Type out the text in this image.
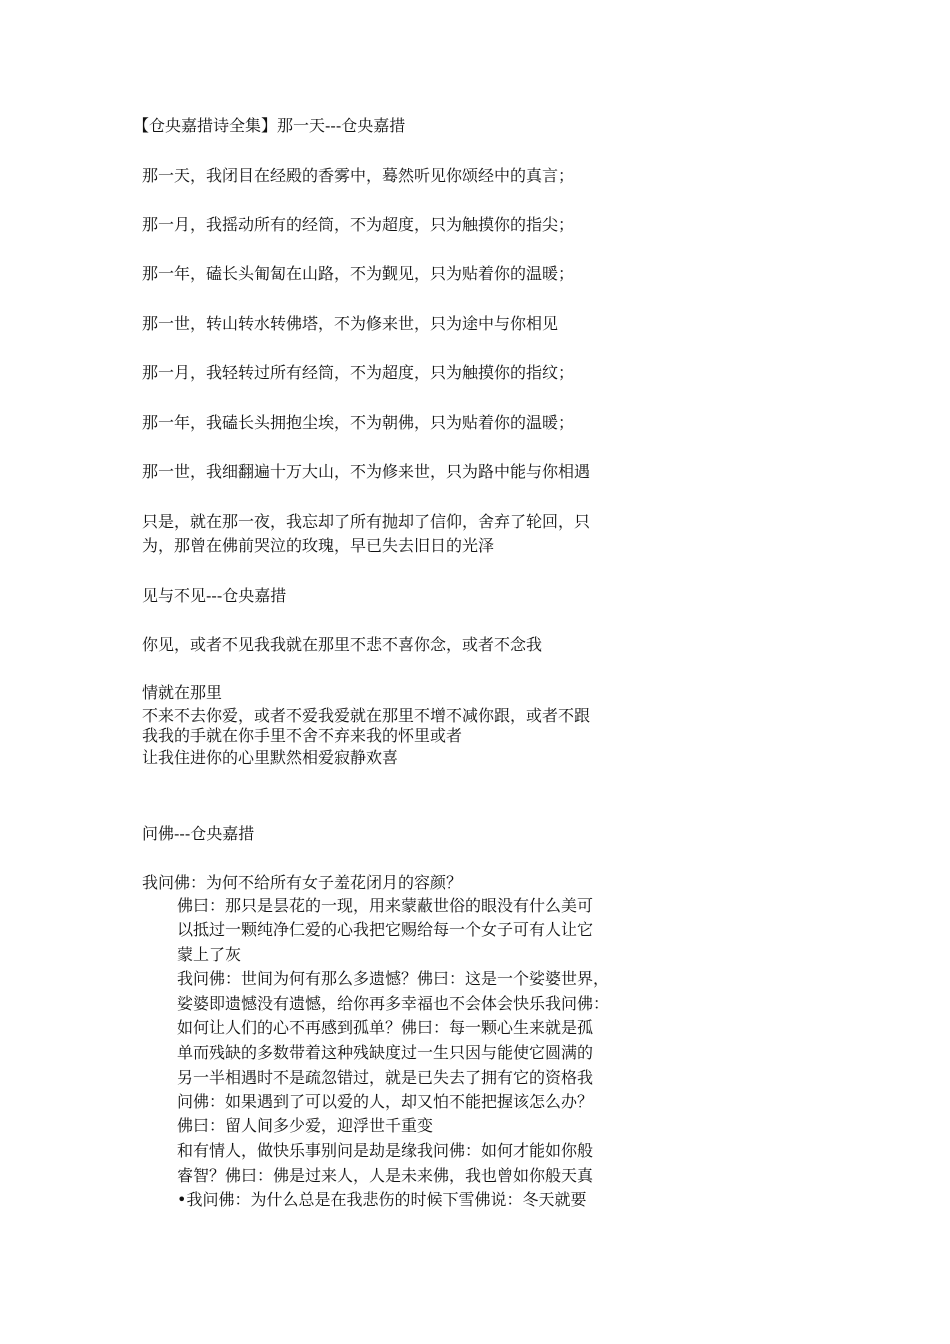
【仓央嘉措诗全集】那一天---仓央嘉措
那一天，我闭目在经殿的香雾中，蓦然听见你颂经中的真言；
那一月，我摇动所有的经筒，不为超度，只为触摸你的指尖；
那一年，磕长头匍匐在山路，不为觐见，只为贴着你的温暖；
那一世，转山转水转佛塔，不为修来世，只为途中与你相见
那一月，我轻转过所有经筒，不为超度，只为触摸你的指纹；
那一年，我磕长头拥抱尘埃，不为朝佛，只为贴着你的温暖；
那一世，我细翻遍十万大山，不为修来世，只为路中能与你相遇
只是，就在那一夜，我忘却了所有抛却了信仰，舍弃了轮回，只
为，那曾在佛前哭泣的玫瑰，早已失去旧日的光泽
见与不见---仓央嘉措
你见，或者不见我我就在那里不悲不喜你念，或者不念我
情就在那里
不来不去你爱，或者不爱我爱就在那里不增不减你跟，或者不跟
我我的手就在你手里不舍不弃来我的怀里或者
让我住进你的心里默然相爱寂静欢喜
问佛---仓央嘉措
我问佛：为何不给所有女子羞花闭月的容颜？
佛曰：那只是昙花的一现，用来蒙蔽世俗的眼没有什么美可
以抵过一颗纯净仁爱的心我把它赐给每一个女子可有人让它
蒙上了灰
我问佛：世间为何有那么多遗憾？佛曰：这是一个娑婆世界，
娑婆即遗憾没有遗憾，给你再多幸福也不会体会快乐我问佛：
如何让人们的心不再感到孤单？佛曰：每一颗心生来就是孤
单而残缺的多数带着这种残缺度过一生只因与能使它圆满的
另一半相遇时不是疏忽错过，就是已失去了拥有它的资格我
问佛：如果遇到了可以爱的人，却又怕不能把握该怎么办？
佛曰：留人间多少爱，迎浮世千重变
和有情人，做快乐事别问是劫是缘我问佛：如何才能如你般
睿智？佛曰：佛是过来人，人是未来佛，我也曾如你般天真
•我问佛：为什么总是在我悲伤的时候下雪佛说：冬天就要
